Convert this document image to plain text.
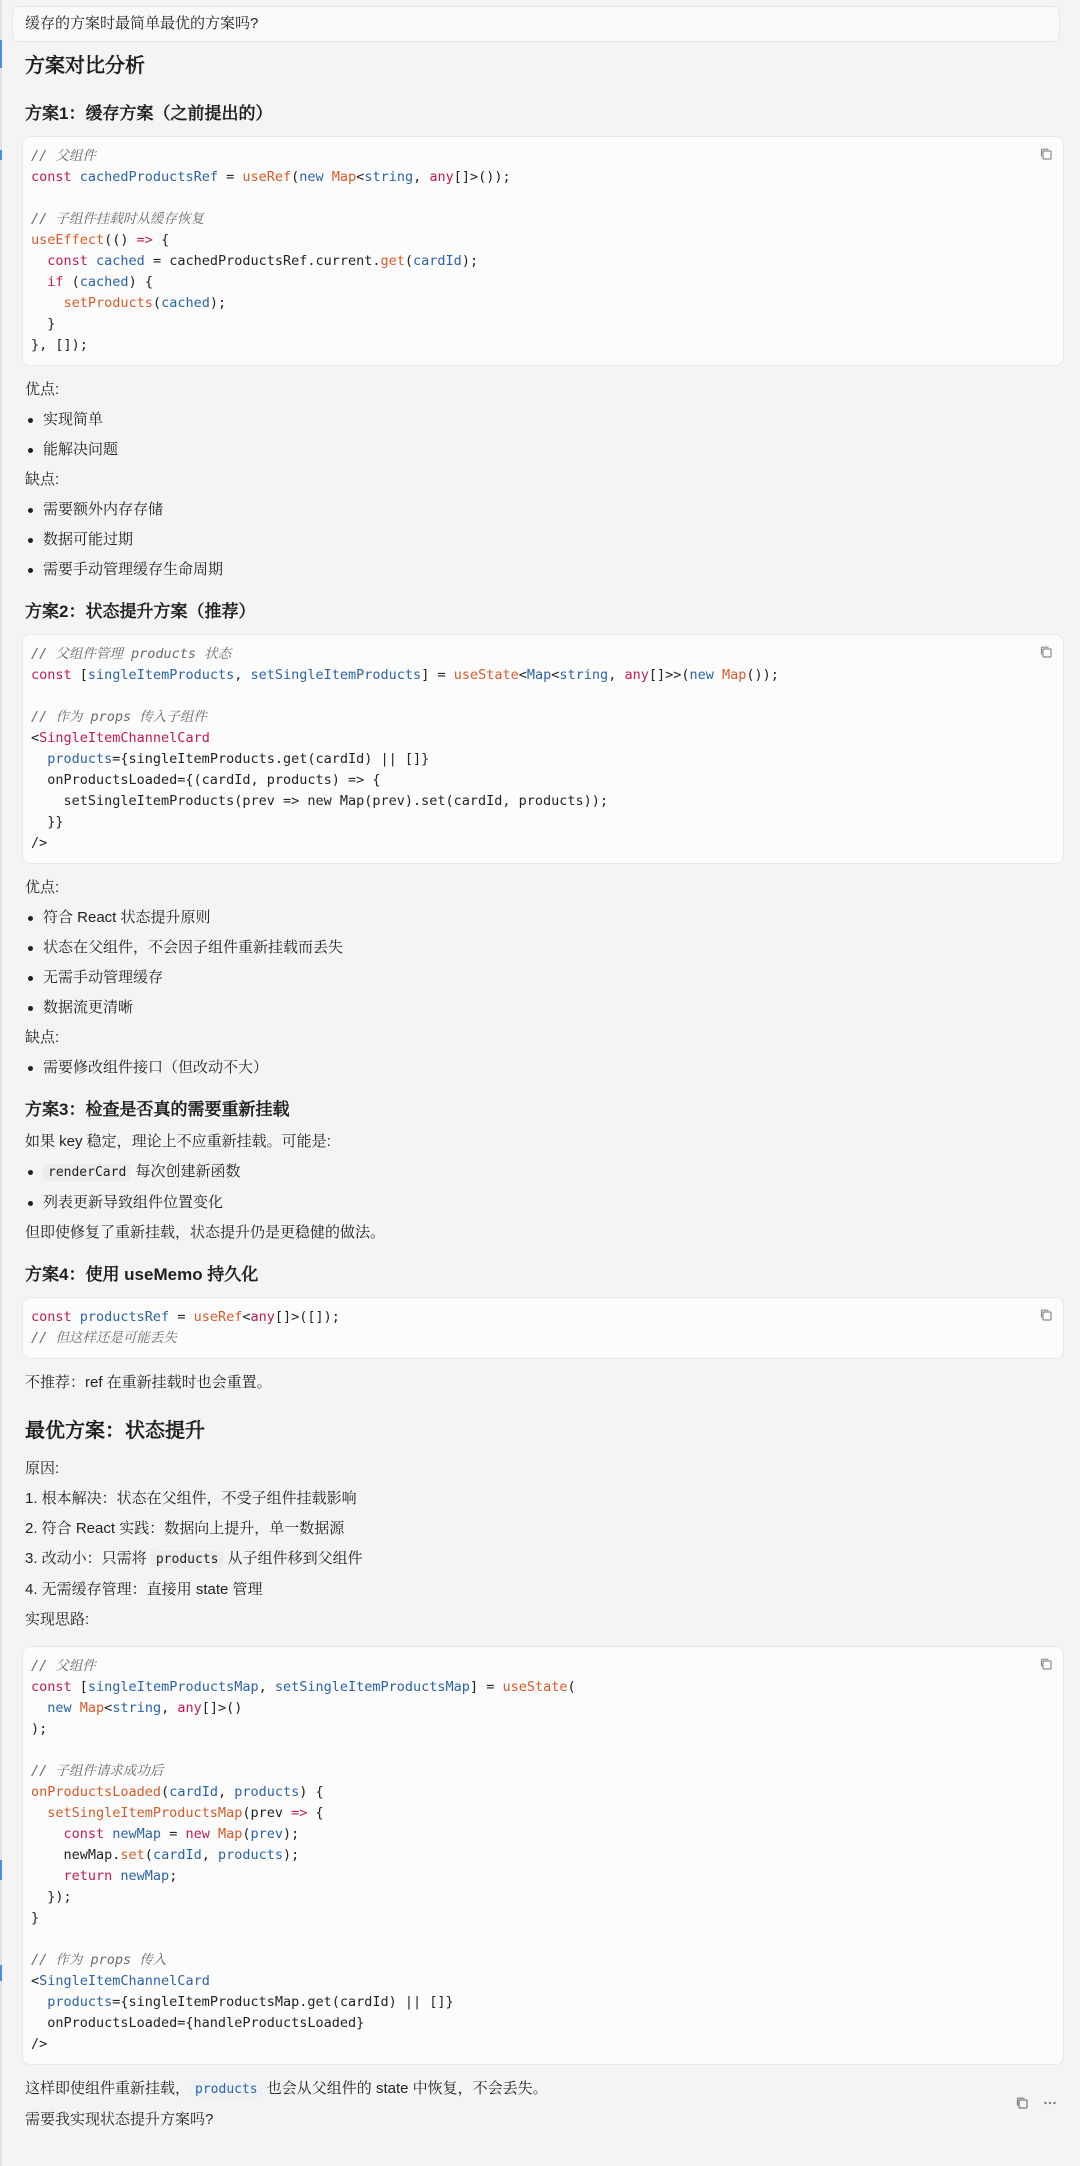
缓存的方案时最简单最优的方案吗?
方案对比分析
方案1：缓存方案（之前提出的）
// 父组件
const cachedProductsRef = useRef(new Map<string, any[]>());
// 子组件挂载时从缓存恢复
useEffect(() => {
const cached = cachedProductsRef.current.get(cardId);
if (cached) {
setProducts(cached);
}
}, []);
优点:
实现简单
能解决问题
缺点:
需要额外内存存储
数据可能过期
需要手动管理缓存生命周期
方案2：状态提升方案（推荐）
// 父组件管理 products 状态
const [singleItemProducts, setSingleItemProducts] = useState<Map<string, any[]>>(new Map());
// 作为 props 传入子组件
<SingleItemChannelCard
products={singleItemProducts.get(cardId) || []}
onProductsLoaded={(cardId, products) => {
setSingleItemProducts(prev => new Map(prev).set(cardId, products));
}}
/>
优点:
符合 React 状态提升原则
状态在父组件，不会因子组件重新挂载而丢失
无需手动管理缓存
数据流更清晰
缺点:
需要修改组件接口（但改动不大）
方案3：检查是否真的需要重新挂载
如果 key 稳定，理论上不应重新挂载。可能是:
renderCard 每次创建新函数
列表更新导致组件位置变化
但即使修复了重新挂载，状态提升仍是更稳健的做法。
方案4：使用 useMemo 持久化
const productsRef = useRef<any[]>([]);
// 但这样还是可能丢失
不推荐：ref 在重新挂载时也会重置。
最优方案：状态提升
原因:
1. 根本解决：状态在父组件，不受子组件挂载影响
2. 符合 React 实践：数据向上提升，单一数据源
3. 改动小：只需将 products 从子组件移到父组件
4. 无需缓存管理：直接用 state 管理
实现思路:
// 父组件
const [singleItemProductsMap, setSingleItemProductsMap] = useState(
new Map<string, any[]>()
);
// 子组件请求成功后
onProductsLoaded(cardId, products) {
setSingleItemProductsMap(prev => {
const newMap = new Map(prev);
newMap.set(cardId, products);
return newMap;
});
}
// 作为 props 传入
<SingleItemChannelCard
products={singleItemProductsMap.get(cardId) || []}
onProductsLoaded={handleProductsLoaded}
/>
这样即使组件重新挂载， products 也会从父组件的 state 中恢复，不会丢失。
需要我实现状态提升方案吗?
